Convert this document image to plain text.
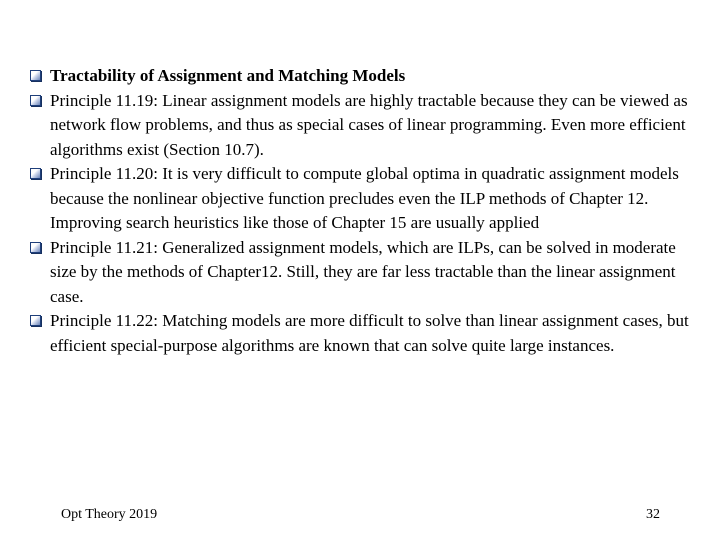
Tractability of Assignment and Matching Models
Principle 11.19: Linear assignment models are highly tractable because they can be viewed as network flow problems, and thus as special cases of linear programming. Even more efficient algorithms exist (Section 10.7).
Principle 11.20: It is very difficult to compute global optima in quadratic assignment models because the nonlinear objective function precludes even the ILP methods of Chapter 12. Improving search heuristics like those of Chapter 15 are usually applied
Principle 11.21: Generalized assignment models, which are ILPs, can be solved in moderate size by the methods of Chapter12. Still, they are far less tractable than the linear assignment case.
Principle 11.22: Matching models are more difficult to solve than linear assignment cases, but efficient special-purpose algorithms are known that can solve quite large instances.
Opt Theory 2019	32
